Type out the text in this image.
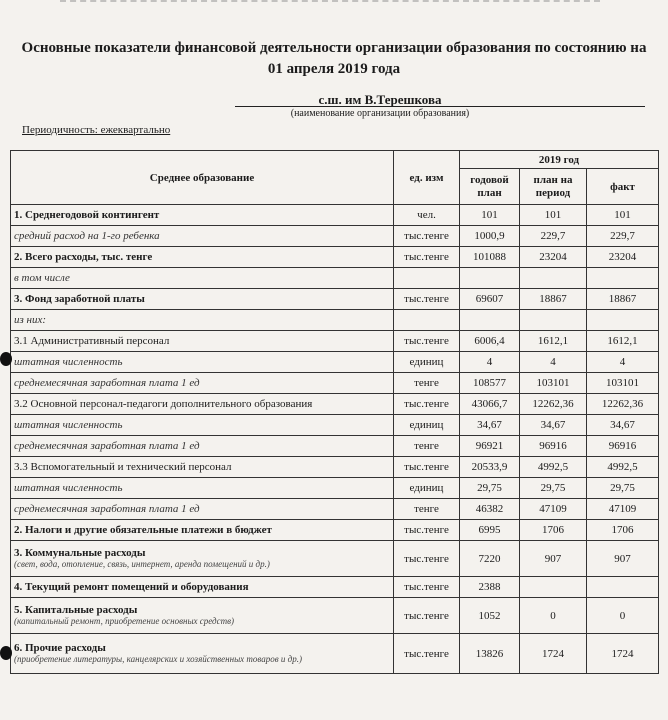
Основные показатели финансовой деятельности организации образования по состоянию на 01 апреля 2019 года
с.ш. им В.Терешкова
(наименование организации образования)
Периодичность: ежеквартально
Среднее образование	ед. изм	2019 год		
		годовой план	план на период	факт
1. Среднегодовой контингент	чел.	101	101	101
средний расход на 1-го ребенка	тыс.тенге	1000,9	229,7	229,7
2. Всего расходы, тыс. тенге	тыс.тенге	101088	23204	23204
в том числе				
3. Фонд заработной платы	тыс.тенге	69607	18867	18867
из них:				
3.1 Административный персонал	тыс.тенге	6006,4	1612,1	1612,1
штатная численность	единиц	4	4	4
среднемесячная заработная плата 1 ед	тенге	108577	103101	103101
3.2 Основной персонал-педагоги дополнительного образования	тыс.тенге	43066,7	12262,36	12262,36
штатная численность	единиц	34,67	34,67	34,67
среднемесячная заработная плата 1 ед	тенге	96921	96916	96916
3.3 Вспомогательный и технический персонал	тыс.тенге	20533,9	4992,5	4992,5
штатная численность	единиц	29,75	29,75	29,75
среднемесячная заработная плата 1 ед	тенге	46382	47109	47109
2. Налоги и другие обязательные платежи в бюджет	тыс.тенге	6995	1706	1706
3. Коммунальные расходы
(свет, вода, отопление, связь, интернет, аренда помещений и др.)	тыс.тенге	7220	907	907
4. Текущий ремонт помещений и оборудования	тыс.тенге	2388		
5. Капитальные расходы
(капитальный ремонт, приобретение основных средств)	тыс.тенге	1052	0	0
6. Прочие расходы
(приобретение литературы, канцелярских и хозяйственных товаров и др.)	тыс.тенге	13826	1724	1724
